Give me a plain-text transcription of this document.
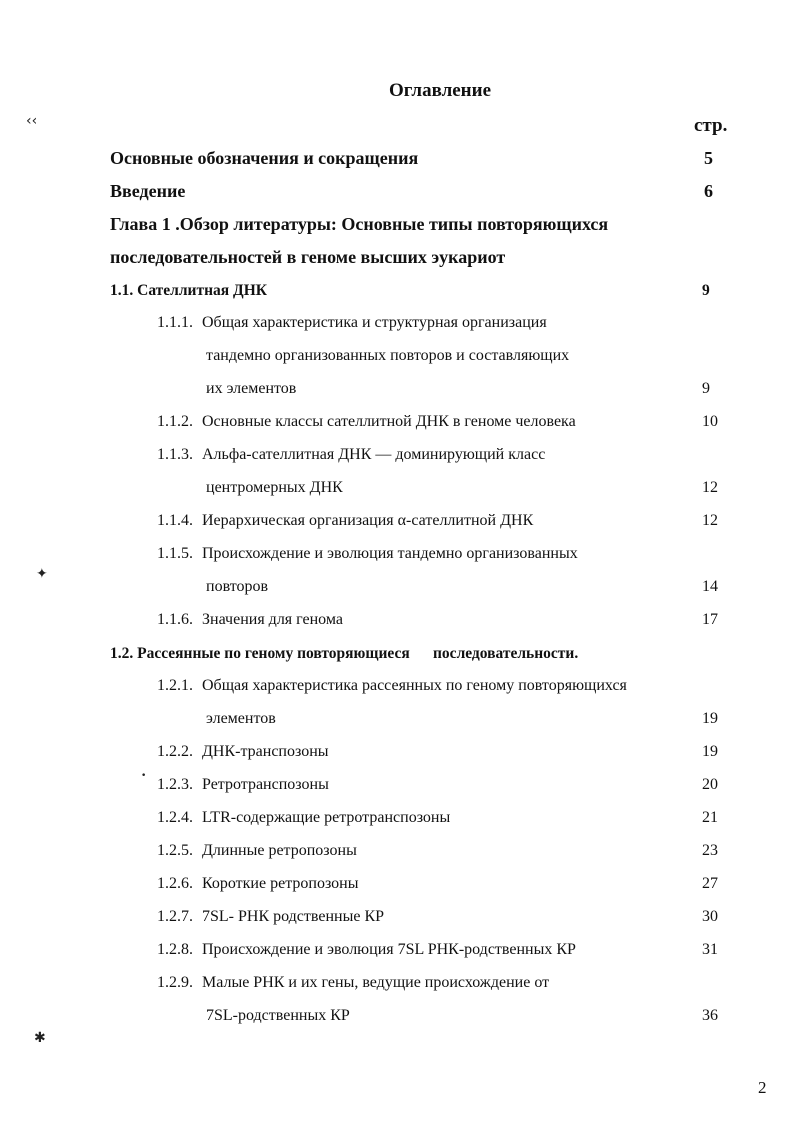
Оглавление
стр.
‹‹
✦
✱
•
Основные обозначения и сокращения	5
Введение	6
Глава 1 .Обзор литературы: Основные типы повторяющихся
последовательностей в геноме высших эукариот
1.1. Сателлитная ДНК	9
1.1.1. Общая характеристика и структурная организация
тандемно организованных повторов и составляющих
их элементов	9
1.1.2. Основные классы сателлитной ДНК в геноме человека	10
1.1.3. Альфа-сателлитная ДНК — доминирующий класс
центромерных ДНК	12
1.1.4. Иерархическая организация α-сателлитной ДНК	12
1.1.5. Происхождение и эволюция тандемно организованных
повторов	14
1.1.6. Значения для генома	17
1.2. Рассеянные по геному повторяющиеся      последовательности.
1.2.1. Общая характеристика рассеянных по геному повторяющихся
элементов	19
1.2.2. ДНК-транспозоны	19
1.2.3. Ретротранспозоны	20
1.2.4. LTR-содержащие ретротранспозоны	21
1.2.5. Длинные ретропозоны	23
1.2.6. Короткие ретропозоны	27
1.2.7. 7SL- РНК родственные КР	30
1.2.8. Происхождение и эволюция 7SL РНК-родственных КР	31
1.2.9. Малые РНК и их гены, ведущие происхождение от
7SL-родственных КР	36
2
